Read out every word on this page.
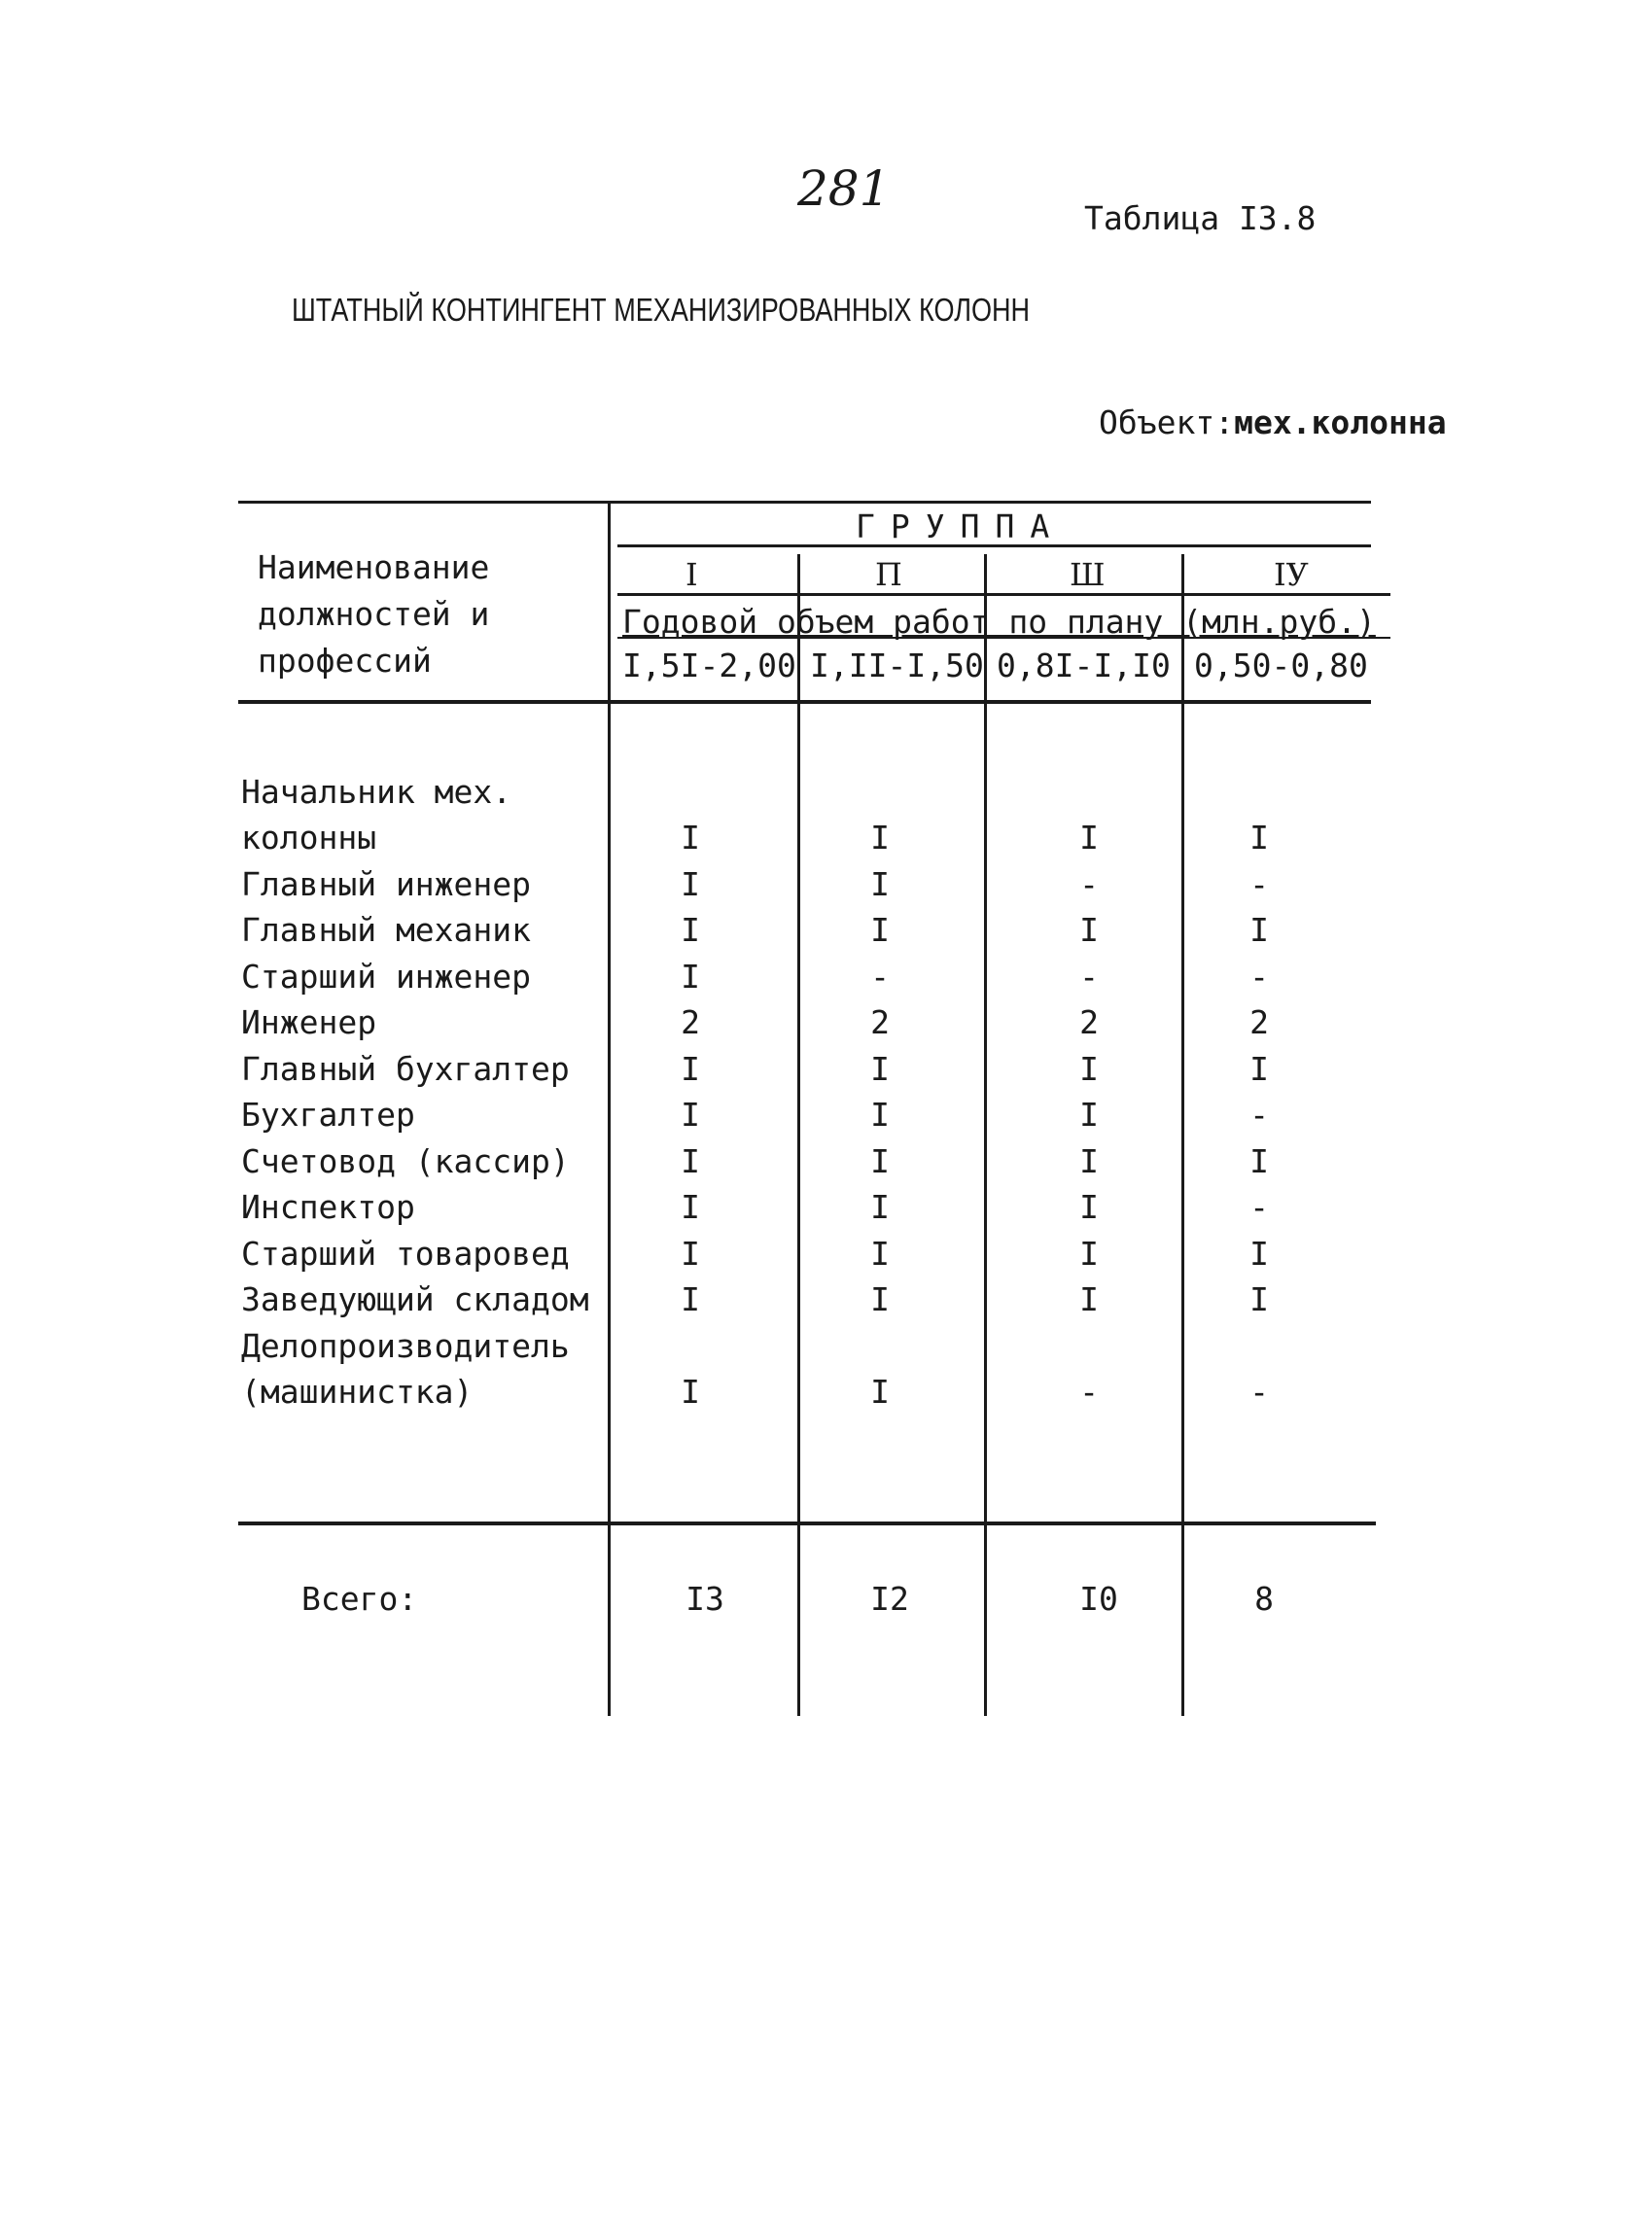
281
Таблица I3.8
ШТАТНЫЙ КОНТИНГЕНТ МЕХАНИЗИРОВАННЫХ КОЛОНН
Объект:мех.колонна
Наименование
должностей и
профессий
ГРУППА
I	П	Ш	IУ
Годовой объем работ по плану (млн.руб.)
I,5I-2,00 I,II-I,50 0,8I-I,I0 0,50-0,80
Начальник мех.
колонны	I	I	I	I
Главный инженер	I	I	-	-
Главный механик	I	I	I	I
Старший инженер	I	-	-	-
Инженер	2	2	2	2
Главный бухгалтер	I	I	I	I
Бухгалтер	I	I	I	-
Счетовод (кассир)	I	I	I	I
Инспектор	I	I	I	-
Старший товаровед	I	I	I	I
Заведующий складом	I	I	I	I
Делопроизводитель
(машинистка)	I	I	-	-
Всего:	I3	I2	I0	8
